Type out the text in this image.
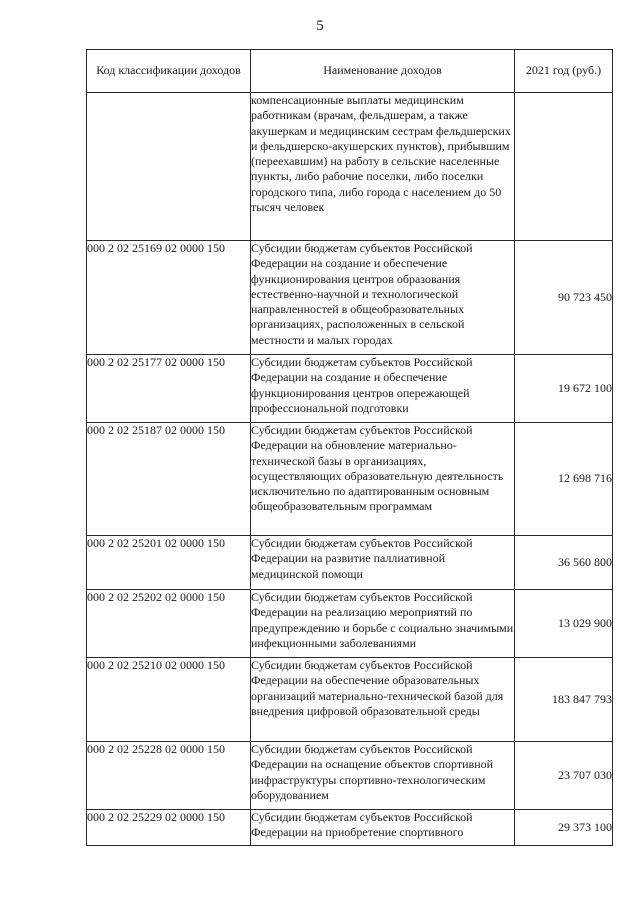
5
Код классификации доходов	Наименование доходов	2021 год (руб.)
	компенсационные выплаты медицинским работникам (врачам, фельдшерам, а также акушеркам и медицинским сестрам фельдшерских и фельдшерско-акушерских пунктов), прибывшим (переехавшим) на работу в сельские населенные пункты, либо рабочие поселки, либо поселки городского типа, либо города с населением до 50 тысяч человек	
000 2 02 25169 02 0000 150	Субсидии бюджетам субъектов Российской Федерации на создание и обеспечение функционирования центров образования естественно-научной и технологической направленностей в общеобразовательных организациях, расположенных в сельской местности и малых городах	90 723 450
000 2 02 25177 02 0000 150	Субсидии бюджетам субъектов Российской Федерации на создание и обеспечение функционирования центров опережающей профессиональной подготовки	19 672 100
000 2 02 25187 02 0000 150	Субсидии бюджетам субъектов Российской Федерации на обновление материально-технической базы в организациях, осуществляющих образовательную деятельность исключительно по адаптированным основным общеобразовательным программам	12 698 716
000 2 02 25201 02 0000 150	Субсидии бюджетам субъектов Российской Федерации на развитие паллиативной медицинской помощи	36 560 800
000 2 02 25202 02 0000 150	Субсидии бюджетам субъектов Российской Федерации на реализацию мероприятий по предупреждению и борьбе с социально значимыми инфекционными заболеваниями	13 029 900
000 2 02 25210 02 0000 150	Субсидии бюджетам субъектов Российской Федерации на обеспечение образовательных организаций материально-технической базой для внедрения цифровой образовательной среды	183 847 793
000 2 02 25228 02 0000 150	Субсидии бюджетам субъектов Российской Федерации на оснащение объектов спортивной инфраструктуры спортивно-технологическим оборудованием	23 707 030
000 2 02 25229 02 0000 150	Субсидии бюджетам субъектов Российской Федерации на приобретение спортивного	29 373 100
